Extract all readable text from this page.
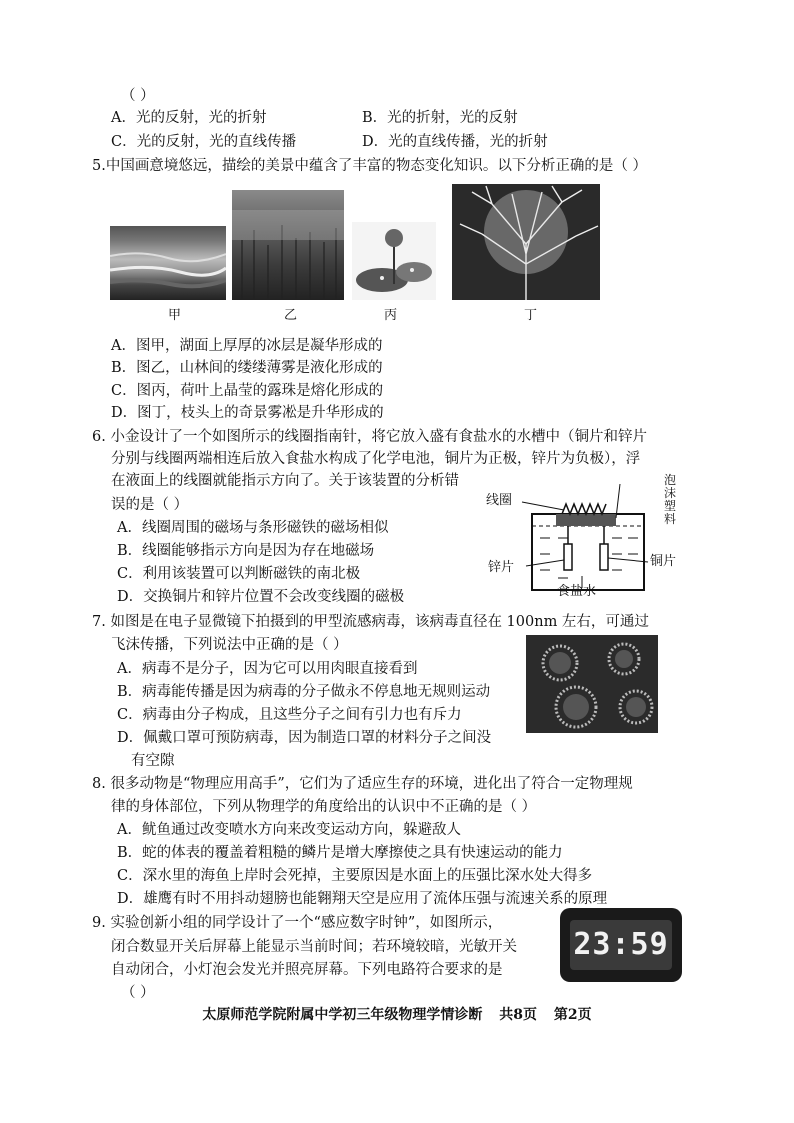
（ ）
A．光的反射，光的折射	B．光的折射，光的反射
C．光的反射，光的直线传播	D．光的直线传播，光的折射
5.中国画意境悠远，描绘的美景中蕴含了丰富的物态变化知识。以下分析正确的是（ ）
甲	乙	丙	丁
A．图甲，湖面上厚厚的冰层是凝华形成的
B．图乙，山林间的缕缕薄雾是液化形成的
C．图丙，荷叶上晶莹的露珠是熔化形成的
D．图丁，枝头上的奇景雾凇是升华形成的
6. 小金设计了一个如图所示的线圈指南针，将它放入盛有食盐水的水槽中（铜片和锌片
分别与线圈两端相连后放入食盐水构成了化学电池，铜片为正极，锌片为负极），浮
在液面上的线圈就能指示方向了。关于该装置的分析错
误的是（ ）
A．线圈周围的磁场与条形磁铁的磁场相似
B．线圈能够指示方向是因为存在地磁场
C．利用该装置可以判断磁铁的南北极
D．交换铜片和锌片位置不会改变线圈的磁极
线圈
泡沫塑料
锌片	铜片
食盐水
7. 如图是在电子显微镜下拍摄到的甲型流感病毒，该病毒直径在 100nm 左右，可通过
飞沫传播，下列说法中正确的是（ ）
A．病毒不是分子，因为它可以用肉眼直接看到
B．病毒能传播是因为病毒的分子做永不停息地无规则运动
C．病毒由分子构成，且这些分子之间有引力也有斥力
D．佩戴口罩可预防病毒，因为制造口罩的材料分子之间没
有空隙
8. 很多动物是“物理应用高手”，它们为了适应生存的环境，进化出了符合一定物理规
律的身体部位，下列从物理学的角度给出的认识中不正确的是（ ）
A．鱿鱼通过改变喷水方向来改变运动方向，躲避敌人
B．蛇的体表的覆盖着粗糙的鳞片是增大摩擦使之具有快速运动的能力
C．深水里的海鱼上岸时会死掉，主要原因是水面上的压强比深水处大得多
D．雄鹰有时不用抖动翅膀也能翱翔天空是应用了流体压强与流速关系的原理
9. 实验创新小组的同学设计了一个“感应数字时钟”，如图所示，
闭合数显开关后屏幕上能显示当前时间；若环境较暗，光敏开关
自动闭合，小灯泡会发光并照亮屏幕。下列电路符合要求的是
（ ）
23:59
太原师范学院附属中学初三年级物理学情诊断 共8页 第2页
